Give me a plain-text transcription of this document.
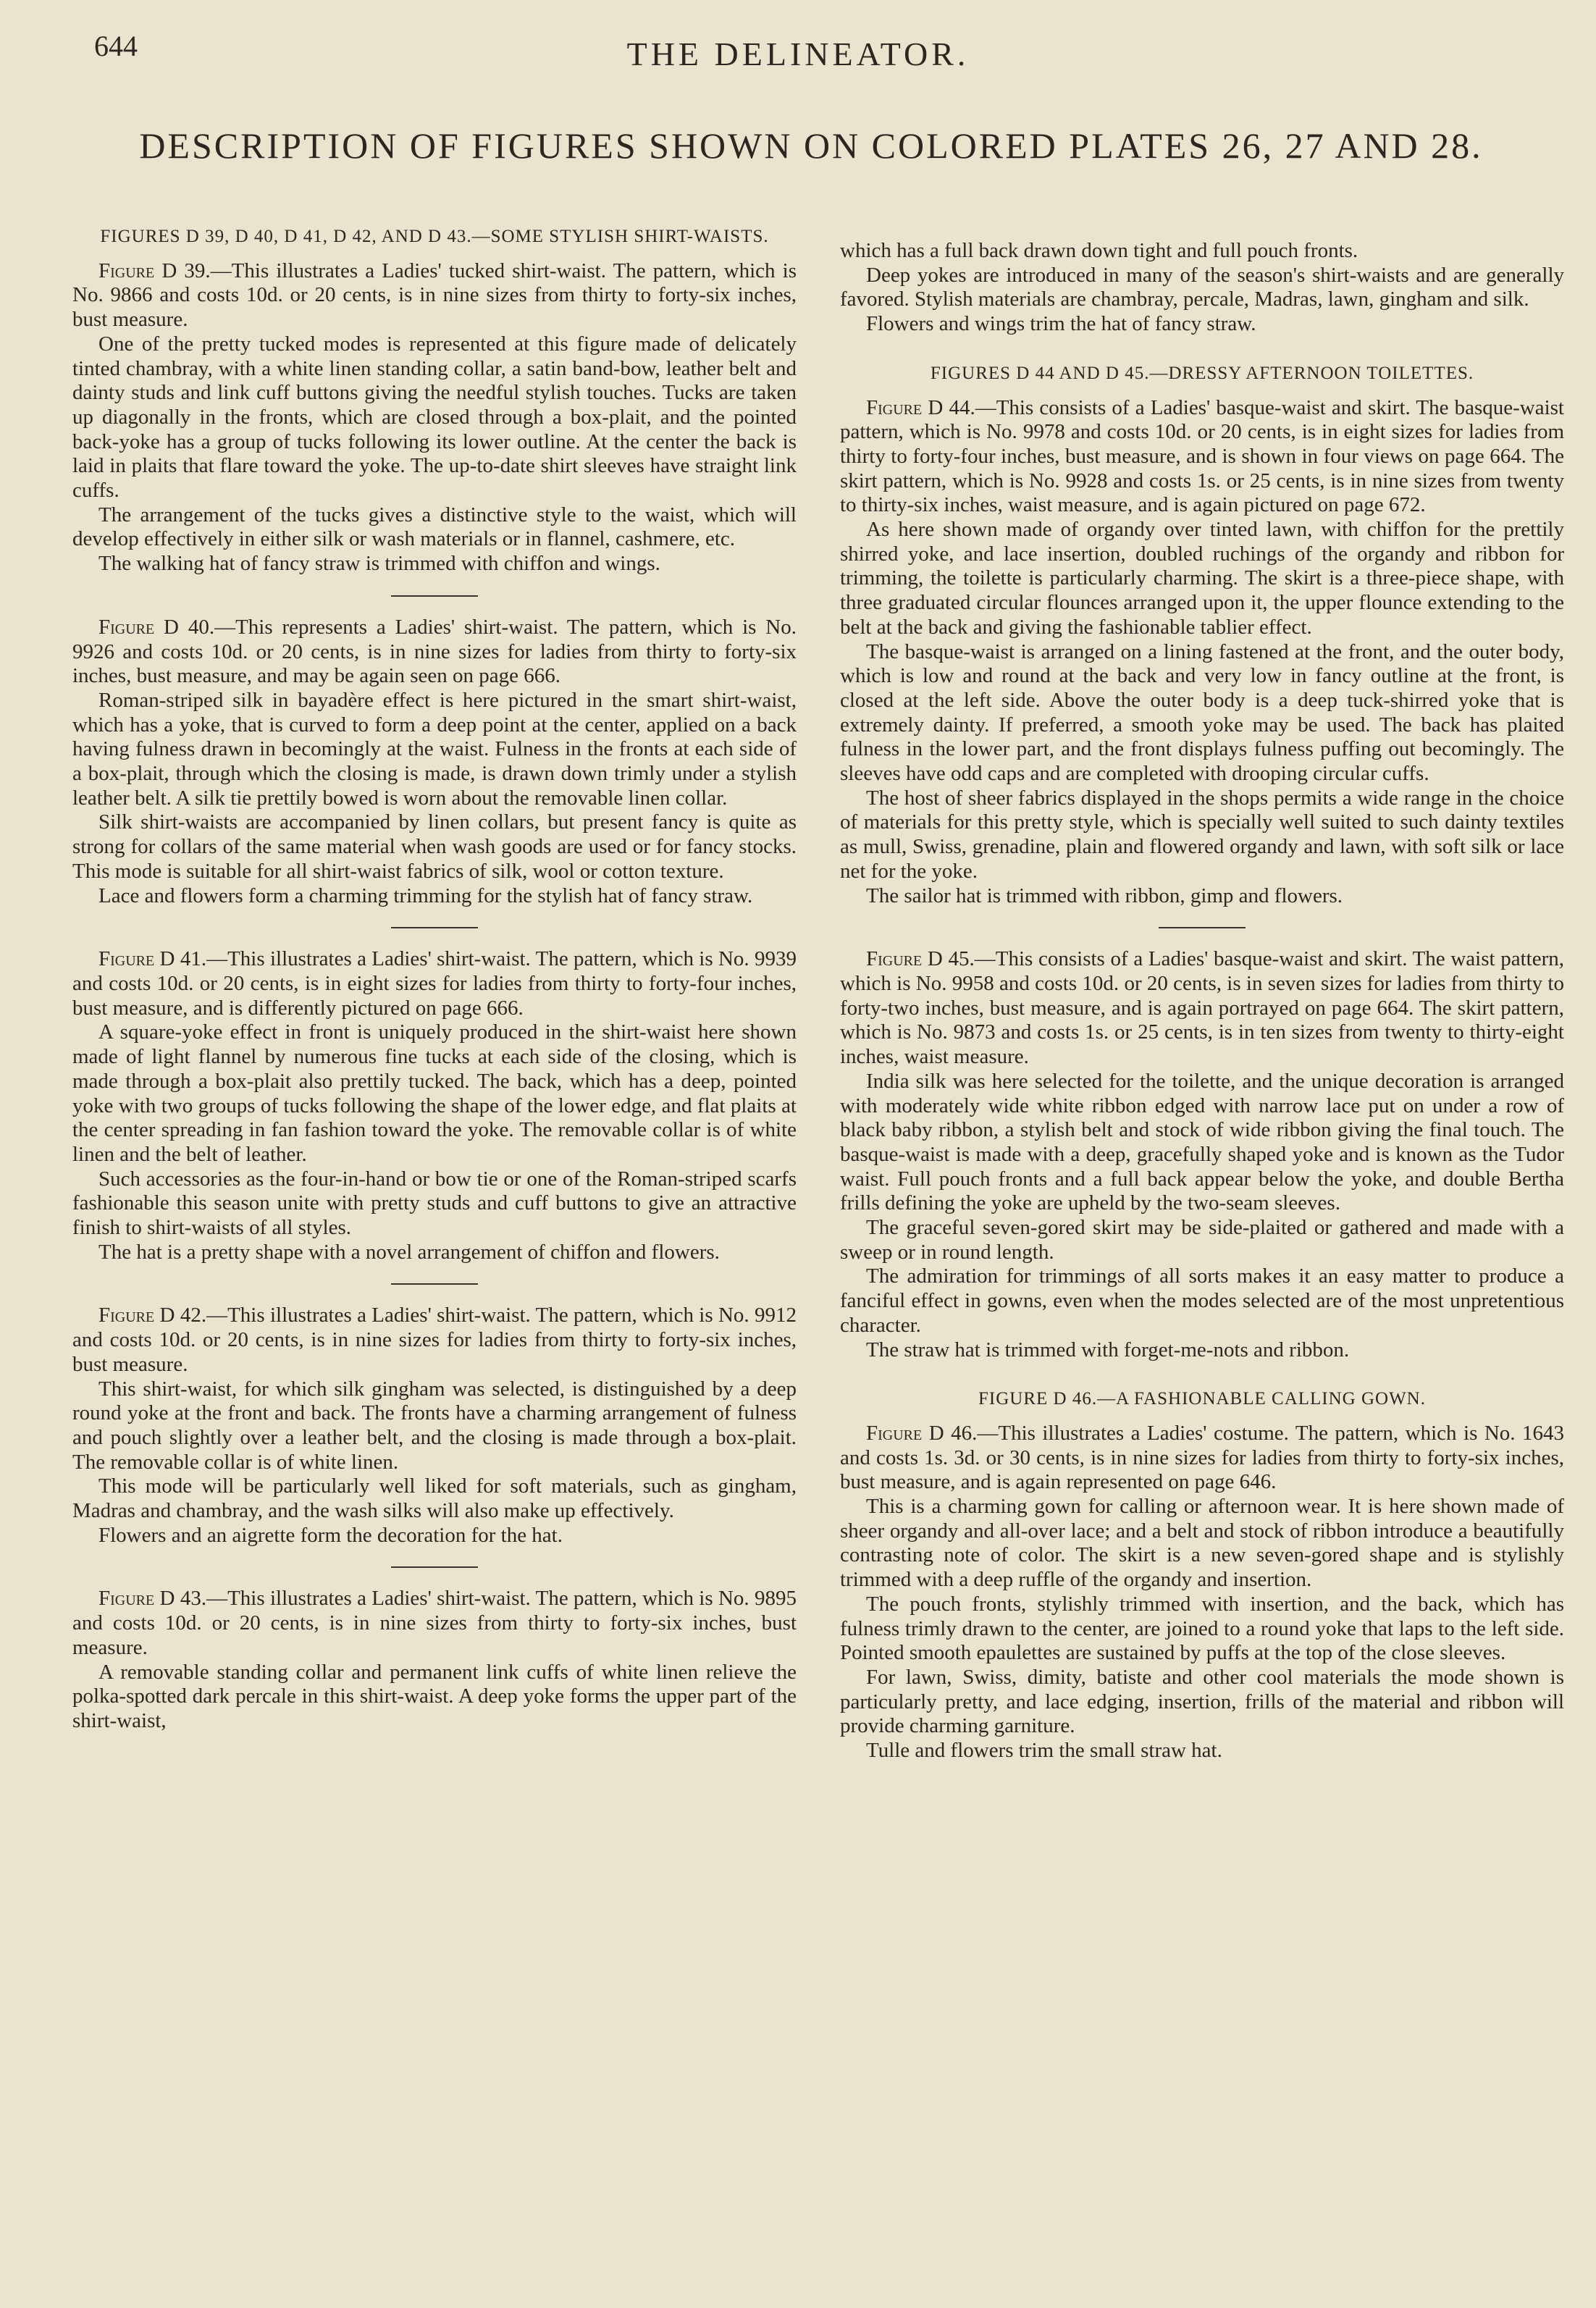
644	THE DELINEATOR.
DESCRIPTION OF FIGURES SHOWN ON COLORED PLATES 26, 27 AND 28.
FIGURES D 39, D 40, D 41, D 42, AND D 43.—SOME STYLISH SHIRT-WAISTS.

Figure D 39.—This illustrates a Ladies' tucked shirt-waist. The pattern, which is No. 9866 and costs 10d. or 20 cents, is in nine sizes from thirty to forty-six inches, bust measure.

One of the pretty tucked modes is represented at this figure made of delicately tinted chambray, with a white linen standing collar, a satin band-bow, leather belt and dainty studs and link cuff buttons giving the needful stylish touches. Tucks are taken up diagonally in the fronts, which are closed through a box-plait, and the pointed back-yoke has a group of tucks following its lower outline. At the center the back is laid in plaits that flare toward the yoke. The up-to-date shirt sleeves have straight link cuffs.

The arrangement of the tucks gives a distinctive style to the waist, which will develop effectively in either silk or wash materials or in flannel, cashmere, etc.

The walking hat of fancy straw is trimmed with chiffon and wings.

Figure D 40.—This represents a Ladies' shirt-waist. The pattern, which is No. 9926 and costs 10d. or 20 cents, is in nine sizes for ladies from thirty to forty-six inches, bust measure, and may be again seen on page 666.

Roman-striped silk in bayadère effect is here pictured in the smart shirt-waist, which has a yoke, that is curved to form a deep point at the center, applied on a back having fulness drawn in becomingly at the waist. Fulness in the fronts at each side of a box-plait, through which the closing is made, is drawn down trimly under a stylish leather belt. A silk tie prettily bowed is worn about the removable linen collar.

Silk shirt-waists are accompanied by linen collars, but present fancy is quite as strong for collars of the same material when wash goods are used or for fancy stocks. This mode is suitable for all shirt-waist fabrics of silk, wool or cotton texture.

Lace and flowers form a charming trimming for the stylish hat of fancy straw.

Figure D 41.—This illustrates a Ladies' shirt-waist. The pattern, which is No. 9939 and costs 10d. or 20 cents, is in eight sizes for ladies from thirty to forty-four inches, bust measure, and is differently pictured on page 666.

A square-yoke effect in front is uniquely produced in the shirt-waist here shown made of light flannel by numerous fine tucks at each side of the closing, which is made through a box-plait also prettily tucked. The back, which has a deep, pointed yoke with two groups of tucks following the shape of the lower edge, and flat plaits at the center spreading in fan fashion toward the yoke. The removable collar is of white linen and the belt of leather.

Such accessories as the four-in-hand or bow tie or one of the Roman-striped scarfs fashionable this season unite with pretty studs and cuff buttons to give an attractive finish to shirt-waists of all styles.

The hat is a pretty shape with a novel arrangement of chiffon and flowers.

Figure D 42.—This illustrates a Ladies' shirt-waist. The pattern, which is No. 9912 and costs 10d. or 20 cents, is in nine sizes for ladies from thirty to forty-six inches, bust measure.

This shirt-waist, for which silk gingham was selected, is distinguished by a deep round yoke at the front and back. The fronts have a charming arrangement of fulness and pouch slightly over a leather belt, and the closing is made through a box-plait. The removable collar is of white linen.

This mode will be particularly well liked for soft materials, such as gingham, Madras and chambray, and the wash silks will also make up effectively.

Flowers and an aigrette form the decoration for the hat.

Figure D 43.—This illustrates a Ladies' shirt-waist. The pattern, which is No. 9895 and costs 10d. or 20 cents, is in nine sizes from thirty to forty-six inches, bust measure.

A removable standing collar and permanent link cuffs of white linen relieve the polka-spotted dark percale in this shirt-waist. A deep yoke forms the upper part of the shirt-waist,

which has a full back drawn down tight and full pouch fronts.

Deep yokes are introduced in many of the season's shirt-waists and are generally favored. Stylish materials are chambray, percale, Madras, lawn, gingham and silk.

Flowers and wings trim the hat of fancy straw.

FIGURES D 44 AND D 45.—DRESSY AFTERNOON TOILETTES.

Figure D 44.—This consists of a Ladies' basque-waist and skirt. The basque-waist pattern, which is No. 9978 and costs 10d. or 20 cents, is in eight sizes for ladies from thirty to forty-four inches, bust measure, and is shown in four views on page 664. The skirt pattern, which is No. 9928 and costs 1s. or 25 cents, is in nine sizes from twenty to thirty-six inches, waist measure, and is again pictured on page 672.

As here shown made of organdy over tinted lawn, with chiffon for the prettily shirred yoke, and lace insertion, doubled ruchings of the organdy and ribbon for trimming, the toilette is particularly charming. The skirt is a three-piece shape, with three graduated circular flounces arranged upon it, the upper flounce extending to the belt at the back and giving the fashionable tablier effect.

The basque-waist is arranged on a lining fastened at the front, and the outer body, which is low and round at the back and very low in fancy outline at the front, is closed at the left side. Above the outer body is a deep tuck-shirred yoke that is extremely dainty. If preferred, a smooth yoke may be used. The back has plaited fulness in the lower part, and the front displays fulness puffing out becomingly. The sleeves have odd caps and are completed with drooping circular cuffs.

The host of sheer fabrics displayed in the shops permits a wide range in the choice of materials for this pretty style, which is specially well suited to such dainty textiles as mull, Swiss, grenadine, plain and flowered organdy and lawn, with soft silk or lace net for the yoke.

The sailor hat is trimmed with ribbon, gimp and flowers.

Figure D 45.—This consists of a Ladies' basque-waist and skirt. The waist pattern, which is No. 9958 and costs 10d. or 20 cents, is in seven sizes for ladies from thirty to forty-two inches, bust measure, and is again portrayed on page 664. The skirt pattern, which is No. 9873 and costs 1s. or 25 cents, is in ten sizes from twenty to thirty-eight inches, waist measure.

India silk was here selected for the toilette, and the unique decoration is arranged with moderately wide white ribbon edged with narrow lace put on under a row of black baby ribbon, a stylish belt and stock of wide ribbon giving the final touch. The basque-waist is made with a deep, gracefully shaped yoke and is known as the Tudor waist. Full pouch fronts and a full back appear below the yoke, and double Bertha frills defining the yoke are upheld by the two-seam sleeves.

The graceful seven-gored skirt may be side-plaited or gathered and made with a sweep or in round length.

The admiration for trimmings of all sorts makes it an easy matter to produce a fanciful effect in gowns, even when the modes selected are of the most unpretentious character.

The straw hat is trimmed with forget-me-nots and ribbon.

FIGURE D 46.—A FASHIONABLE CALLING GOWN.

Figure D 46.—This illustrates a Ladies' costume. The pattern, which is No. 1643 and costs 1s. 3d. or 30 cents, is in nine sizes for ladies from thirty to forty-six inches, bust measure, and is again represented on page 646.

This is a charming gown for calling or afternoon wear. It is here shown made of sheer organdy and all-over lace; and a belt and stock of ribbon introduce a beautifully contrasting note of color. The skirt is a new seven-gored shape and is stylishly trimmed with a deep ruffle of the organdy and insertion.

The pouch fronts, stylishly trimmed with insertion, and the back, which has fulness trimly drawn to the center, are joined to a round yoke that laps to the left side. Pointed smooth epaulettes are sustained by puffs at the top of the close sleeves.

For lawn, Swiss, dimity, batiste and other cool materials the mode shown is particularly pretty, and lace edging, insertion, frills of the material and ribbon will provide charming garniture.

Tulle and flowers trim the small straw hat.
